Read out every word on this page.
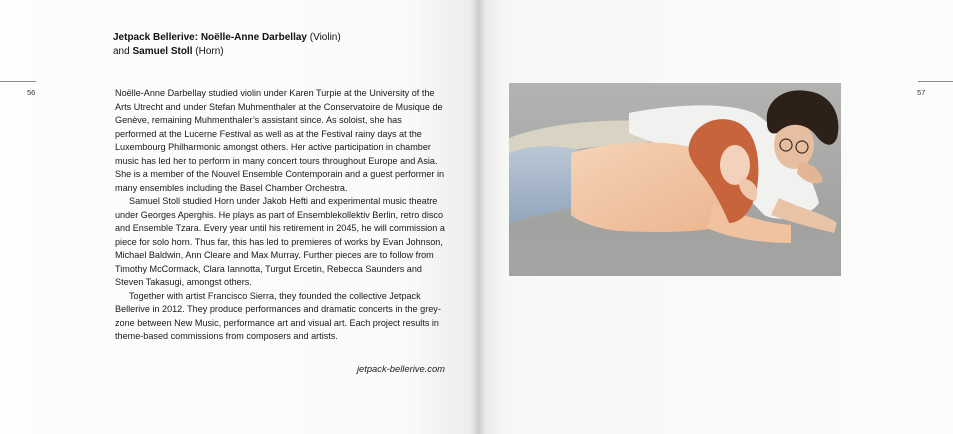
56
Jetpack Bellerive: Noëlle-Anne Darbellay (Violin)
and Samuel Stoll (Horn)

Noëlle-Anne Darbellay studied violin under Karen Turpie at the University of the Arts Utrecht and under Stefan Muhmenthaler at the Conservatoire de Musique de Genève, remaining Muhmenthaler’s assistant since. As soloist, she has performed at the Lucerne Festival as well as at the Festival rainy days at the Luxembourg Philharmonic amongst others. Her active participation in chamber music has led her to perform in many concert tours throughout Europe and Asia. She is a member of the Nouvel Ensemble Contemporain and a guest performer in many ensembles including the Basel Chamber Orchestra.

Samuel Stoll studied Horn under Jakob Hefti and experimental music theatre under Georges Aperghis. He plays as part of Ensemblekollektiv Berlin, retro disco and Ensemble Tzara. Every year until his retirement in 2045, he will commission a piece for solo horn. Thus far, this has led to premieres of works by Evan Johnson, Michael Baldwin, Ann Cleare and Max Murray. Further pieces are to follow from Timothy McCormack, Clara Iannotta, Turgut Ercetin, Rebecca Saunders and Steven Takasugi, amongst others.

Together with artist Francisco Sierra, they founded the collective Jetpack Bellerive in 2012. They produce performances and dramatic concerts in the grey-zone between New Music, performance art and visual art. Each project results in theme-based commissions from composers and artists.

jetpack-bellerive.com
57
